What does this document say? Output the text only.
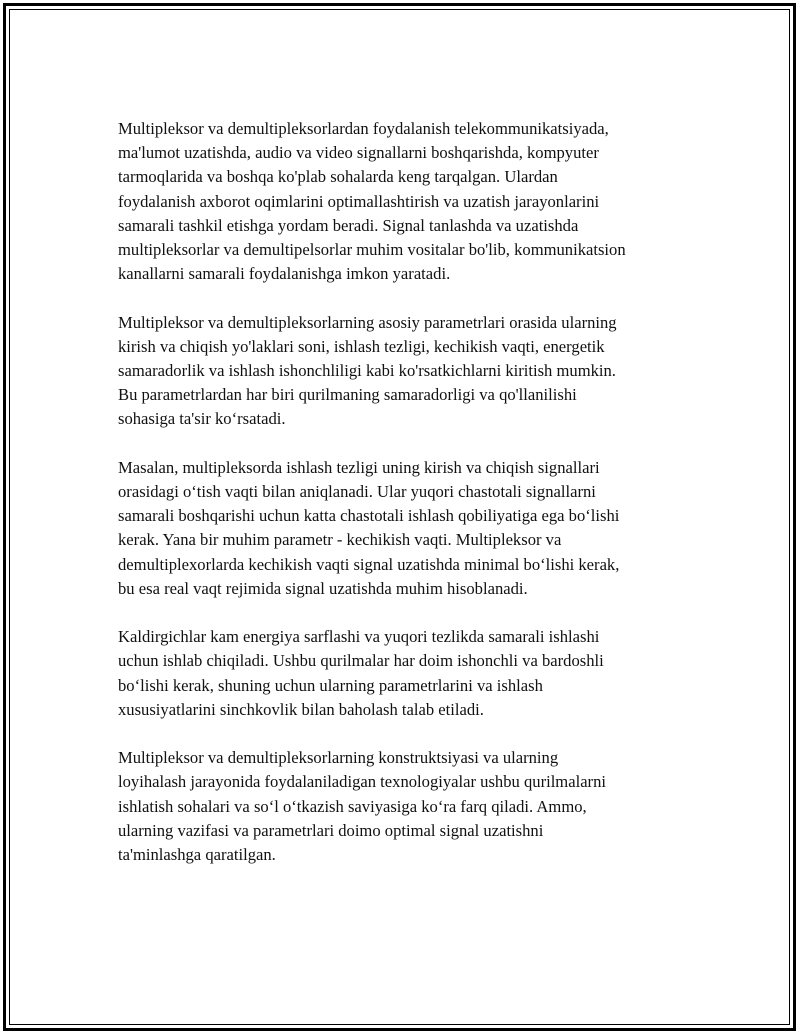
Multipleksor va demultipleksorlardan foydalanish telekommunikatsiyada,
ma'lumot uzatishda, audio va video signallarni boshqarishda, kompyuter
tarmoqlarida va boshqa ko'plab sohalarda keng tarqalgan. Ulardan
foydalanish axborot oqimlarini optimallashtirish va uzatish jarayonlarini
samarali tashkil etishga yordam beradi. Signal tanlashda va uzatishda
multipleksorlar va demultipelsorlar muhim vositalar bo'lib, kommunikatsion
kanallarni samarali foydalanishga imkon yaratadi.

Multipleksor va demultipleksorlarning asosiy parametrlari orasida ularning
kirish va chiqish yo'laklari soni, ishlash tezligi, kechikish vaqti, energetik
samaradorlik va ishlash ishonchliligi kabi ko'rsatkichlarni kiritish mumkin.
Bu parametrlardan har biri qurilmaning samaradorligi va qo'llanilishi
sohasiga ta'sir ko‘rsatadi.

Masalan, multipleksorda ishlash tezligi uning kirish va chiqish signallari
orasidagi o‘tish vaqti bilan aniqlanadi. Ular yuqori chastotali signallarni
samarali boshqarishi uchun katta chastotali ishlash qobiliyatiga ega bo‘lishi
kerak. Yana bir muhim parametr - kechikish vaqti. Multipleksor va
demultiplexorlarda kechikish vaqti signal uzatishda minimal bo‘lishi kerak,
bu esa real vaqt rejimida signal uzatishda muhim hisoblanadi.

Kaldirgichlar kam energiya sarflashi va yuqori tezlikda samarali ishlashi
uchun ishlab chiqiladi. Ushbu qurilmalar har doim ishonchli va bardoshli
bo‘lishi kerak, shuning uchun ularning parametrlarini va ishlash
xususiyatlarini sinchkovlik bilan baholash talab etiladi.

Multipleksor va demultipleksorlarning konstruktsiyasi va ularning
loyihalash jarayonida foydalaniladigan texnologiyalar ushbu qurilmalarni
ishlatish sohalari va so‘l o‘tkazish saviyasiga ko‘ra farq qiladi. Ammo,
ularning vazifasi va parametrlari doimo optimal signal uzatishni
ta'minlashga qaratilgan.
